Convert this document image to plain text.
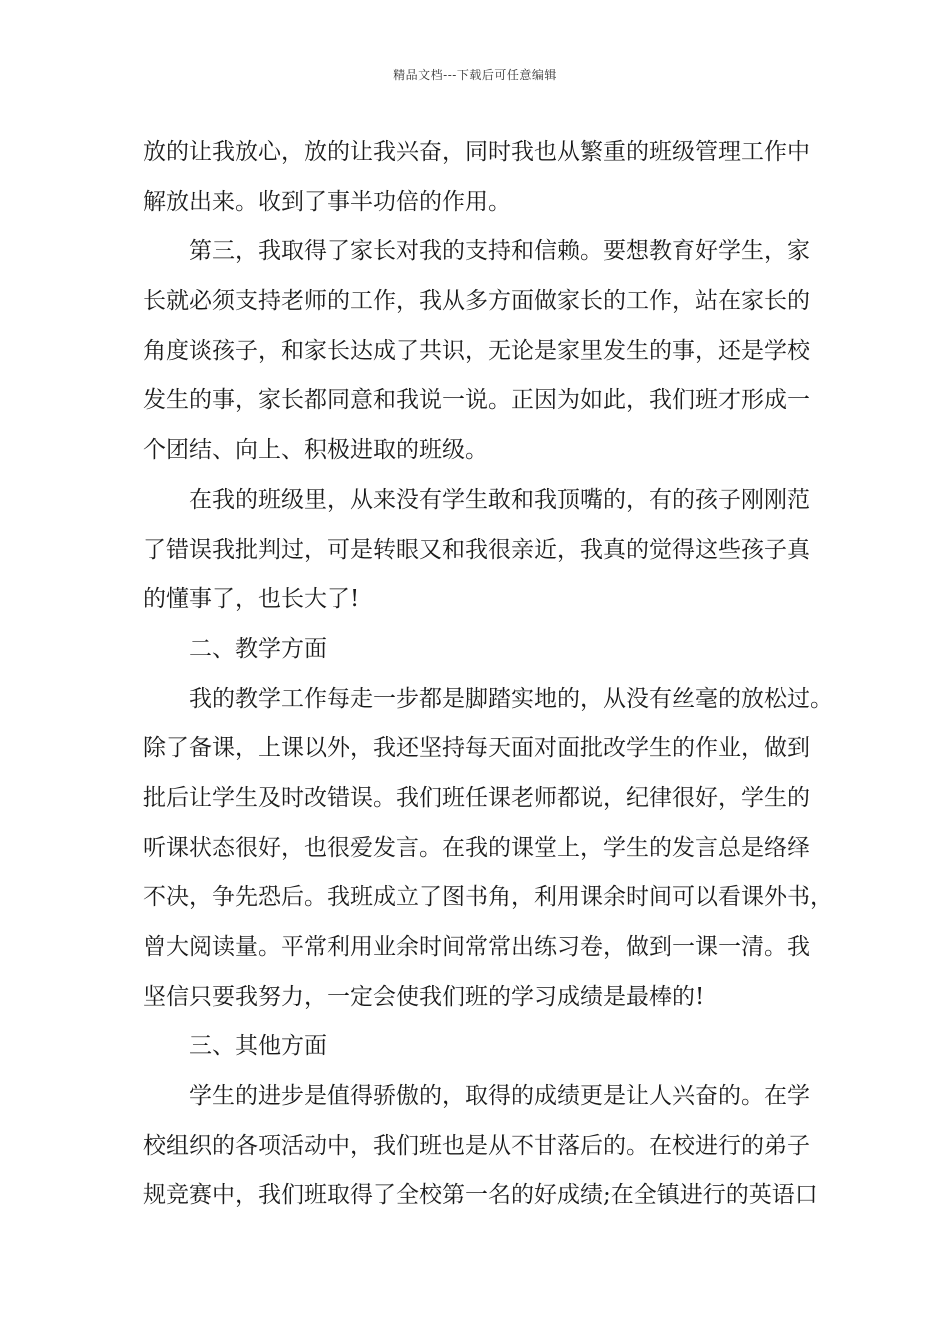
精品文档---下载后可任意编辑
放的让我放心，放的让我兴奋，同时我也从繁重的班级管理工作中
解放出来。收到了事半功倍的作用。
第三，我取得了家长对我的支持和信赖。要想教育好学生，家
长就必须支持老师的工作，我从多方面做家长的工作，站在家长的
角度谈孩子，和家长达成了共识，无论是家里发生的事，还是学校
发生的事，家长都同意和我说一说。正因为如此，我们班才形成一
个团结、向上、积极进取的班级。
在我的班级里，从来没有学生敢和我顶嘴的，有的孩子刚刚范
了错误我批判过，可是转眼又和我很亲近，我真的觉得这些孩子真
的懂事了，也长大了!
二、教学方面
我的教学工作每走一步都是脚踏实地的，从没有丝毫的放松过。
除了备课，上课以外，我还坚持每天面对面批改学生的作业，做到
批后让学生及时改错误。我们班任课老师都说，纪律很好，学生的
听课状态很好，也很爱发言。在我的课堂上，学生的发言总是络绎
不决，争先恐后。我班成立了图书角，利用课余时间可以看课外书，
曾大阅读量。平常利用业余时间常常出练习卷，做到一课一清。我
坚信只要我努力，一定会使我们班的学习成绩是最棒的!
三、其他方面
学生的进步是值得骄傲的，取得的成绩更是让人兴奋的。在学
校组织的各项活动中，我们班也是从不甘落后的。在校进行的弟子
规竞赛中，我们班取得了全校第一名的好成绩;在全镇进行的英语口
